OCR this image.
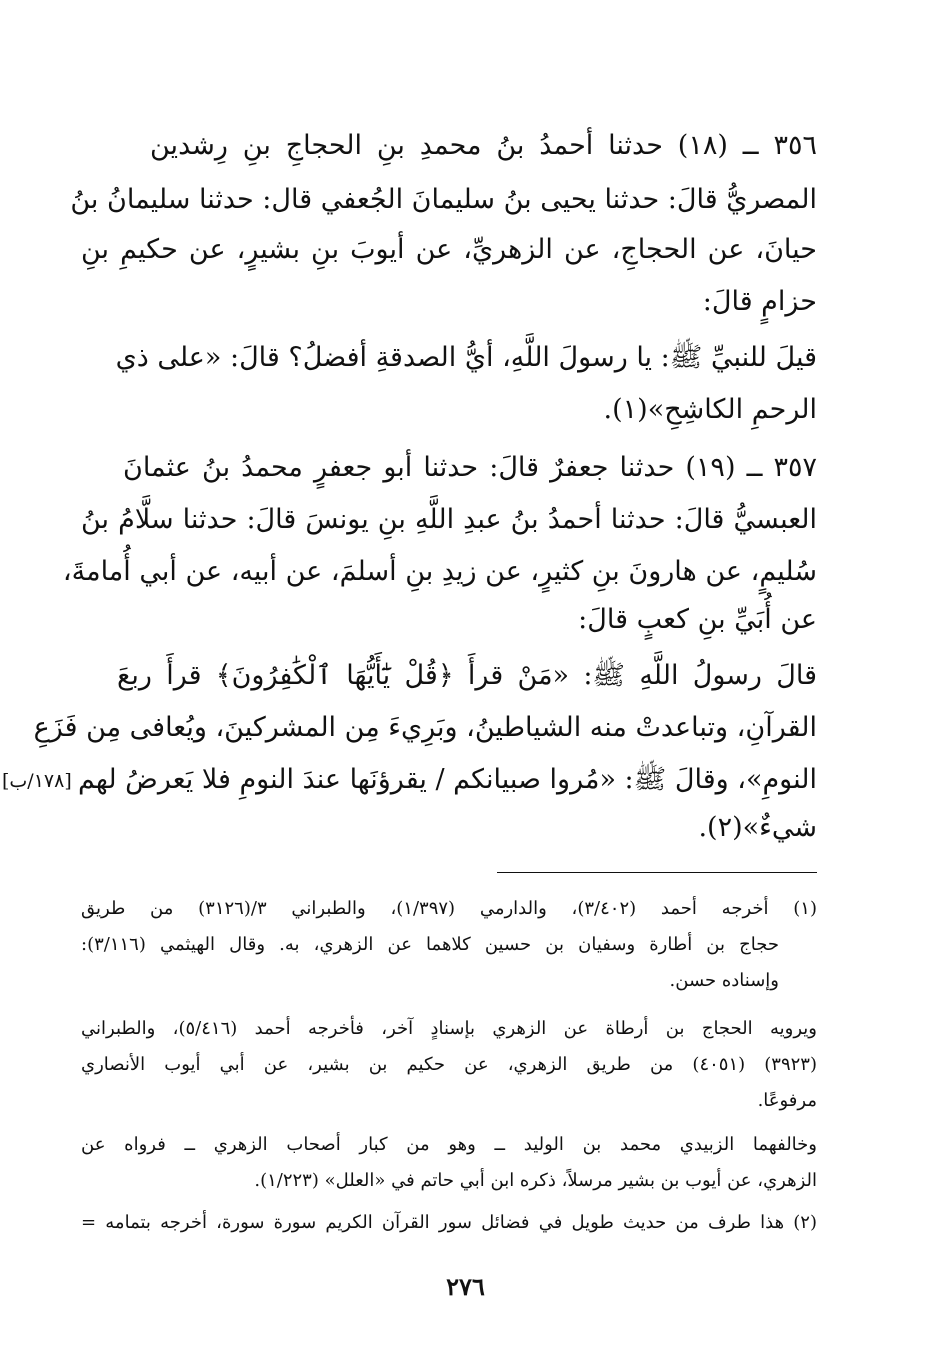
٣٥٦ ــ (١٨) حدثنا أحمدُ بنُ محمدِ بنِ الحجاجِ بنِ رِشدين
المصريُّ قالَ: حدثنا يحيى بنُ سليمانَ الجُعفي قال: حدثنا سليمانُ بنُ
حيانَ، عن الحجاجِ، عن الزهريِّ، عن أيوبَ بنِ بشيرٍ، عن حكيمِ بنِ
حزامٍ قالَ:
قيلَ للنبيِّ ﷺ: يا رسولَ اللَّهِ، أيُّ الصدقةِ أفضلُ؟ قالَ: «على ذي
الرحمِ الكاشِحِ»(١).
٣٥٧ ــ (١٩) حدثنا جعفرٌ قالَ: حدثنا أبو جعفرٍ محمدُ بنُ عثمانَ
العبسيُّ قالَ: حدثنا أحمدُ بنُ عبدِ اللَّهِ بنِ يونسَ قالَ: حدثنا سلَّامُ بنُ
سُليمٍ، عن هارونَ بنِ كثيرٍ، عن زيدِ بنِ أسلمَ، عن أبيه، عن أبي أُمامةَ،
عن أُبَيِّ بنِ كعبٍ قالَ:
قالَ رسولُ اللَّهِ ﷺ: «مَنْ قرأَ ﴿قُلْ يَٰٓأَيُّهَا ٱلْكَٰفِرُونَ﴾ قرأَ ربعَ
القرآنِ، وتباعدتْ منه الشياطينُ، وبَرِيءَ مِن المشركينَ، ويُعافى مِن فَزَعِ
النومِ»، وقالَ ﷺ: «مُروا صبيانكم / يقرؤنَها عندَ النومِ فلا يَعرضُ لهم
شيءٌ»(٢).
[١٧٨/ب]
(١) أخرجه أحمد (٣/٤٠٢)، والدارمي (١/٣٩٧)، والطبراني ٣/(٣١٢٦) من طريق
حجاج بن أطارة وسفيان بن حسين كلاهما عن الزهري، به. وقال الهيثمي (٣/١١٦):
وإسناده حسن.
ويرويه الحجاج بن أرطاة عن الزهري بإسنادٍ آخر، فأخرجه أحمد (٥/٤١٦)، والطبراني
(٣٩٢٣) (٤٠٥١) من طريق الزهري، عن حكيم بن بشير، عن أبي أيوب الأنصاري
مرفوعًا.
وخالفهما الزبيدي محمد بن الوليد ــ وهو من كبار أصحاب الزهري ــ فرواه عن
الزهري، عن أيوب بن بشير مرسلاً، ذكره ابن أبي حاتم في «العلل» (١/٢٢٣).
(٢) هذا طرف من حديث طويل في فضائل سور القرآن الكريم سورة سورة، أخرجه بتمامه =
٢٧٦
